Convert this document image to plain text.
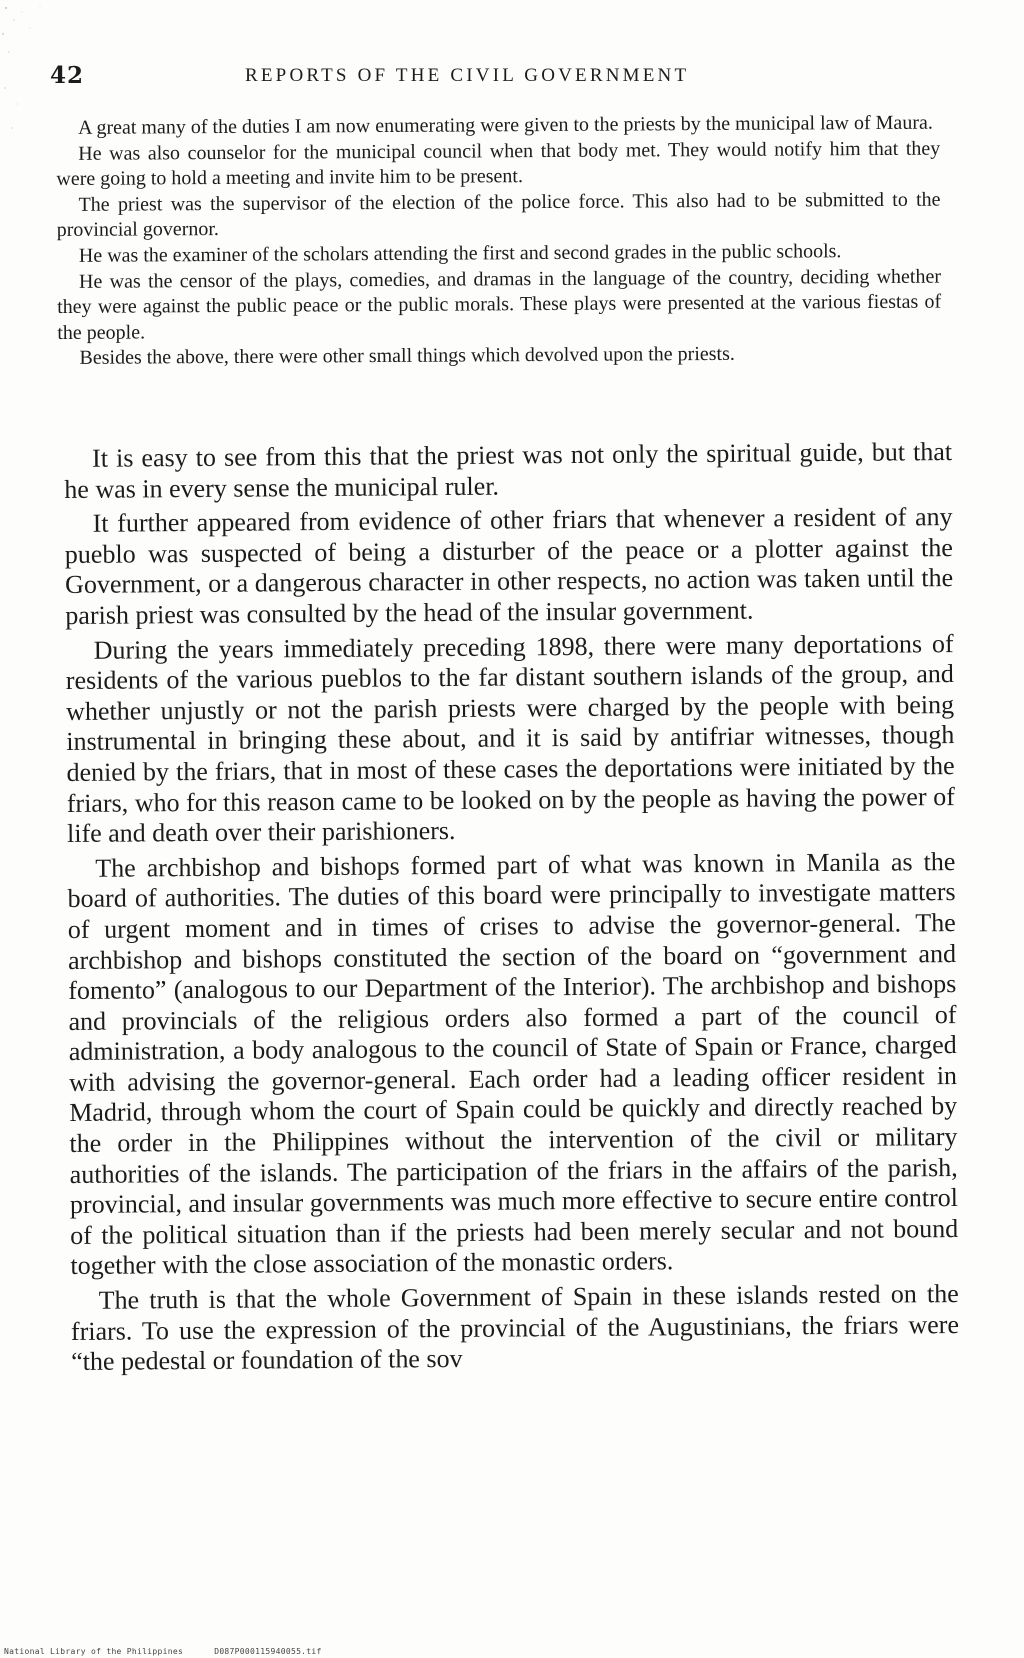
42	REPORTS OF THE CIVIL GOVERNMENT

A great many of the duties I am now enumerating were given to the priests by the municipal law of Maura.

He was also counselor for the municipal council when that body met. They would notify him that they were going to hold a meeting and invite him to be present.

The priest was the supervisor of the election of the police force. This also had to be submitted to the provincial governor.

He was the examiner of the scholars attending the first and second grades in the public schools.

He was the censor of the plays, comedies, and dramas in the language of the country, deciding whether they were against the public peace or the public morals. These plays were presented at the various fiestas of the people.

Besides the above, there were other small things which devolved upon the priests.

It is easy to see from this that the priest was not only the spiritual guide, but that he was in every sense the municipal ruler.

It further appeared from evidence of other friars that whenever a resident of any pueblo was suspected of being a disturber of the peace or a plotter against the Government, or a dangerous character in other respects, no action was taken until the parish priest was consulted by the head of the insular government.

During the years immediately preceding 1898, there were many deportations of residents of the various pueblos to the far distant southern islands of the group, and whether unjustly or not the parish priests were charged by the people with being instrumental in bringing these about, and it is said by antifriar witnesses, though denied by the friars, that in most of these cases the deportations were initiated by the friars, who for this reason came to be looked on by the people as having the power of life and death over their parishioners.

The archbishop and bishops formed part of what was known in Manila as the board of authorities. The duties of this board were principally to investigate matters of urgent moment and in times of crises to advise the governor-general. The archbishop and bishops constituted the section of the board on “government and fomento” (analogous to our Department of the Interior). The archbishop and bishops and provincials of the religious orders also formed a part of the council of administration, a body analogous to the council of State of Spain or France, charged with advising the governor-general. Each order had a leading officer resident in Madrid, through whom the court of Spain could be quickly and directly reached by the order in the Philippines without the intervention of the civil or military authorities of the islands. The participation of the friars in the affairs of the parish, provincial, and insular governments was much more effective to secure entire control of the political situation than if the priests had been merely secular and not bound together with the close association of the monastic orders.

The truth is that the whole Government of Spain in these islands rested on the friars. To use the expression of the provincial of the Augustinians, the friars were “the pedestal or foundation of the sov

National Library of the Philippines	D087P000115940055.tif
